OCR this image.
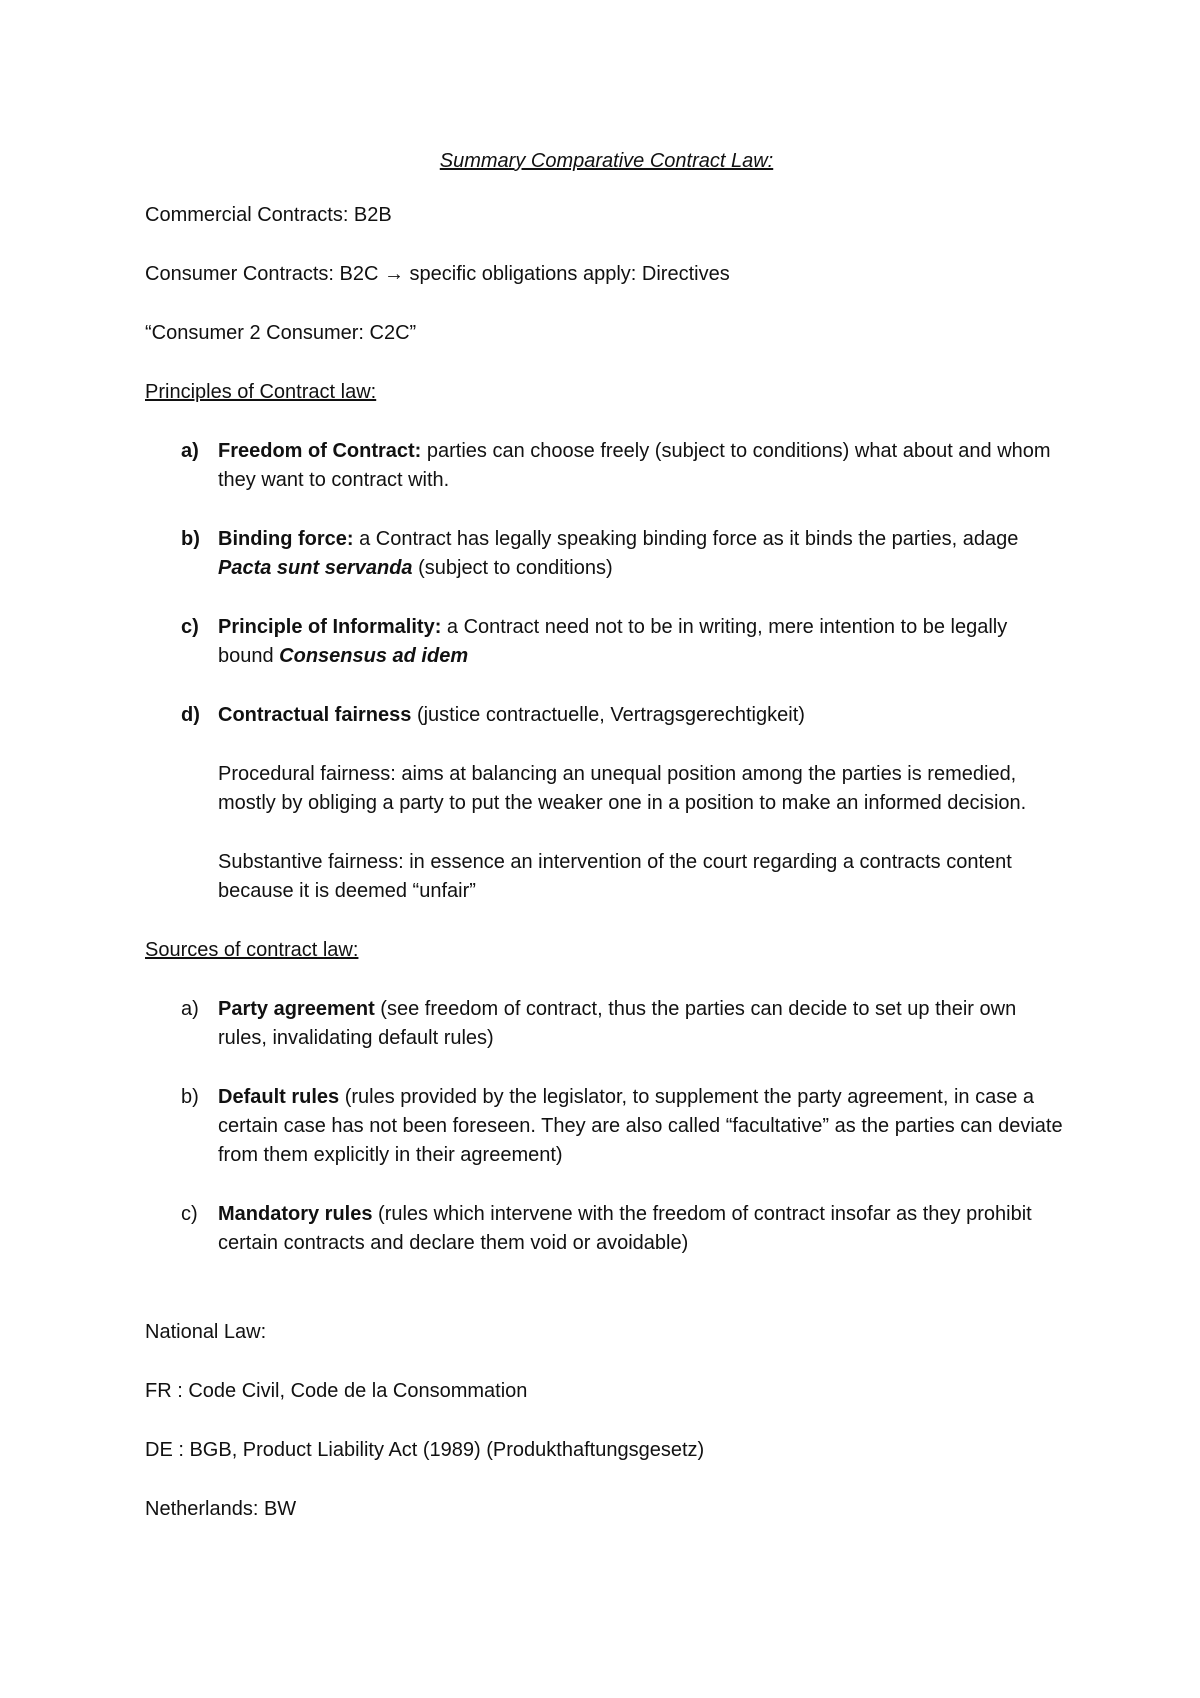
Summary Comparative Contract Law:

Commercial Contracts: B2B

Consumer Contracts: B2C → specific obligations apply: Directives

“Consumer 2 Consumer: C2C”

Principles of Contract law:

a) Freedom of Contract: parties can choose freely (subject to conditions) what about and whom they want to contract with.
b) Binding force: a Contract has legally speaking binding force as it binds the parties, adage Pacta sunt servanda (subject to conditions)
c) Principle of Informality: a Contract need not to be in writing, mere intention to be legally bound Consensus ad idem
d) Contractual fairness (justice contractuelle, Vertragsgerechtigkeit)

Procedural fairness: aims at balancing an unequal position among the parties is remedied, mostly by obliging a party to put the weaker one in a position to make an informed decision.

Substantive fairness: in essence an intervention of the court regarding a contracts content because it is deemed “unfair”

Sources of contract law:

a) Party agreement (see freedom of contract, thus the parties can decide to set up their own rules, invalidating default rules)
b) Default rules (rules provided by the legislator, to supplement the party agreement, in case a certain case has not been foreseen. They are also called “facultative” as the parties can deviate from them explicitly in their agreement)
c) Mandatory rules (rules which intervene with the freedom of contract insofar as they prohibit certain contracts and declare them void or avoidable)

National Law:

FR : Code Civil, Code de la Consommation

DE : BGB, Product Liability Act (1989) (Produkthaftungsgesetz)

Netherlands: BW
